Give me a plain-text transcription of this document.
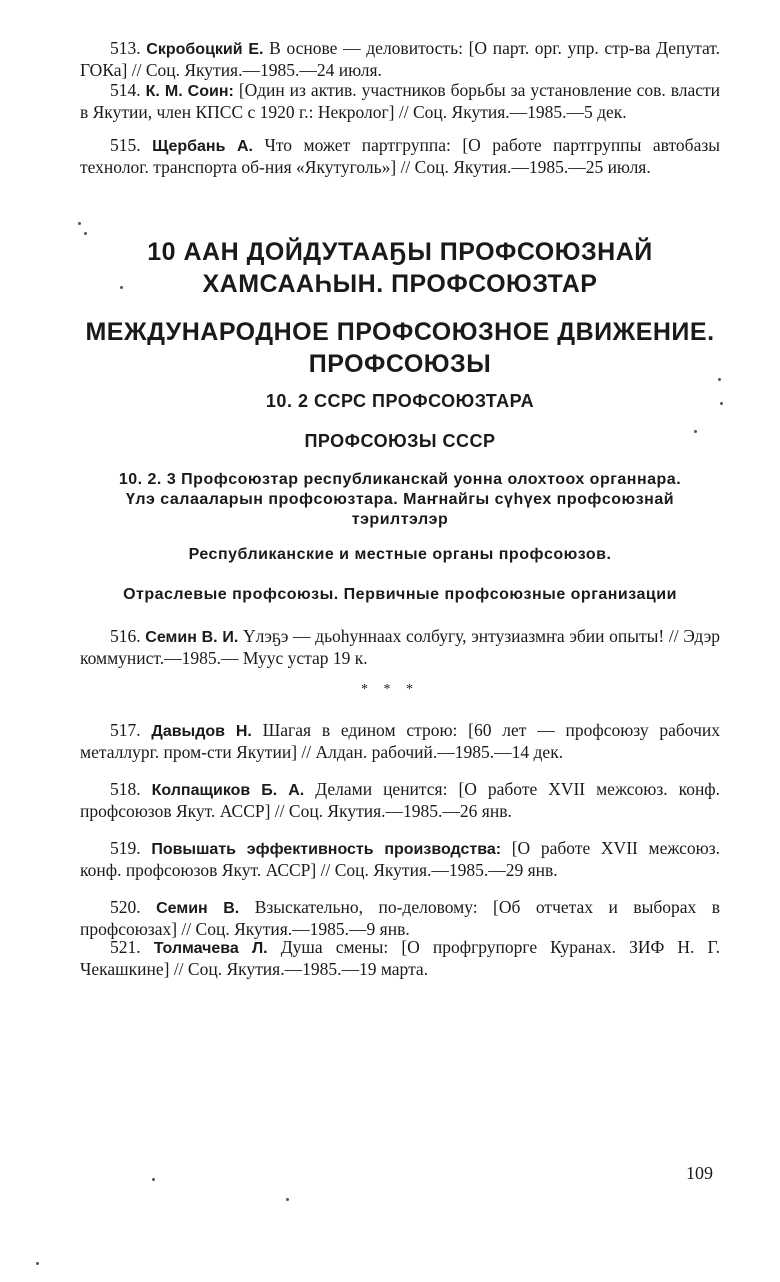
513. Скробоцкий Е. В основе — деловитость: [О парт. орг. упр. стр-ва Депутат. ГОКа] // Соц. Якутия.—1985.—24 июля.
514. К. М. Соин: [Один из актив. участников борьбы за установление сов. власти в Якутии, член КПСС с 1920 г.: Некролог] // Соц. Якутия.—1985.—5 дек.
515. Щербань А. Что может партгруппа: [О работе партгруппы автобазы технолог. транспорта об-ния «Якутуголь»] // Соц. Якутия.—1985.—25 июля.
10 ААН ДОЙДУТААҔЫ ПРОФСОЮЗНАЙ
ХАМСААҺЫН. ПРОФСОЮЗТАР
МЕЖДУНАРОДНОЕ ПРОФСОЮЗНОЕ ДВИЖЕНИЕ.
ПРОФСОЮЗЫ
10. 2 ССРС ПРОФСОЮЗТАРА
ПРОФСОЮЗЫ СССР
10. 2. 3 Профсоюзтар республиканскай уонна олохтоох органнара.
Үлэ салааларын профсоюзтара. Маҥнайгы сүһүех профсоюзнай
тэрилтэлэр
Республиканские и местные органы профсоюзов.
Отраслевые профсоюзы. Первичные профсоюзные организации
516. Семин В. И. Үлэҕэ — дьоһуннаах солбугу, энтузиазмҥа эбии опыты! // Эдэр коммунист.—1985.— Муус устар 19 к.
* * *
517. Давыдов Н. Шагая в едином строю: [60 лет — профсоюзу рабочих металлург. пром-сти Якутии] // Алдан. рабочий.—1985.—14 дек.
518. Колпащиков Б. А. Делами ценится: [О работе XVII межсоюз. конф. профсоюзов Якут. АССР] // Соц. Якутия.—1985.—26 янв.
519. Повышать эффективность производства: [О работе XVII межсоюз. конф. профсоюзов Якут. АССР] // Соц. Якутия.—1985.—29 янв.
520. Семин В. Взыскательно, по-деловому: [Об отчетах и выборах в профсоюзах] // Соц. Якутия.—1985.—9 янв.
521. Толмачева Л. Душа смены: [О профгрупорге Куранах. ЗИФ Н. Г. Чекашкине] // Соц. Якутия.—1985.—19 марта.
109
